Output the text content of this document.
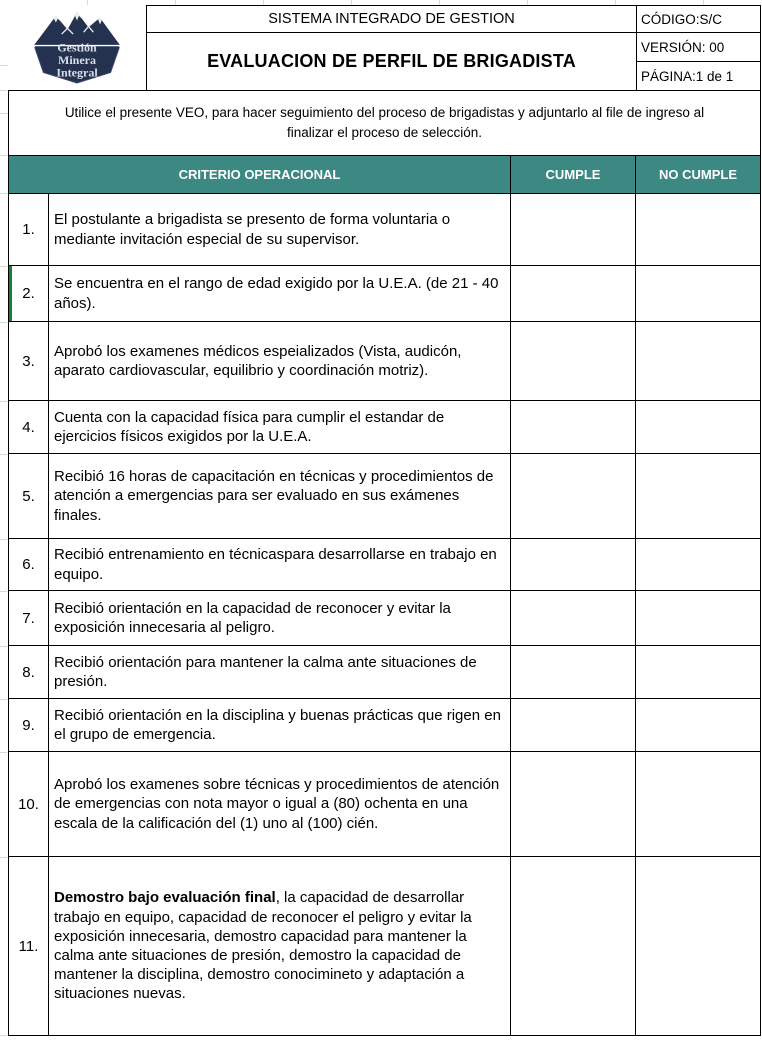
Gestión
Minera
Integral
SISTEMA INTEGRADO DE GESTION
EVALUACION DE PERFIL DE BRIGADISTA
CÓDIGO:S/C
VERSIÓN: 00
PÁGINA:1 de 1
Utilice el presente VEO, para hacer seguimiento del proceso de brigadistas y adjuntarlo al file de ingreso al finalizar el proceso de selección.
CRITERIO OPERACIONAL	CUMPLE	NO CUMPLE
1.
El postulante a brigadista se presento de forma voluntaria o mediante invitación especial de su supervisor.
2.
Se encuentra en el rango de edad exigido por la U.E.A. (de 21 - 40 años).
3.
Aprobó los examenes médicos espeializados (Vista, audicón, aparato cardiovascular, equilibrio y coordinación motriz).
4.
Cuenta con la capacidad física para cumplir el estandar de ejercicios físicos exigidos por la U.E.A.
5.
Recibió 16 horas de capacitación en técnicas y procedimientos de atención a emergencias para ser evaluado en sus exámenes finales.
6.
Recibió entrenamiento en técnicaspara desarrollarse en trabajo en equipo.
7.
Recibió orientación en la capacidad de reconocer y evitar la exposición innecesaria al peligro.
8.
Recibió orientación para mantener la calma ante situaciones de presión.
9.
Recibió orientación en la disciplina y buenas prácticas que rigen en el grupo de emergencia.
10.
Aprobó los examenes sobre técnicas y procedimientos de atención de emergencias con nota mayor o igual a (80) ochenta en una escala de la calificación del (1) uno al (100) cién.
11.
Demostro bajo evaluación final, la capacidad de desarrollar trabajo en equipo, capacidad de reconocer el peligro y evitar la exposición innecesaria, demostro capacidad para mantener la calma ante situaciones de presión, demostro la capacidad de mantener la disciplina, demostro conocimineto y adaptación a situaciones nuevas.
